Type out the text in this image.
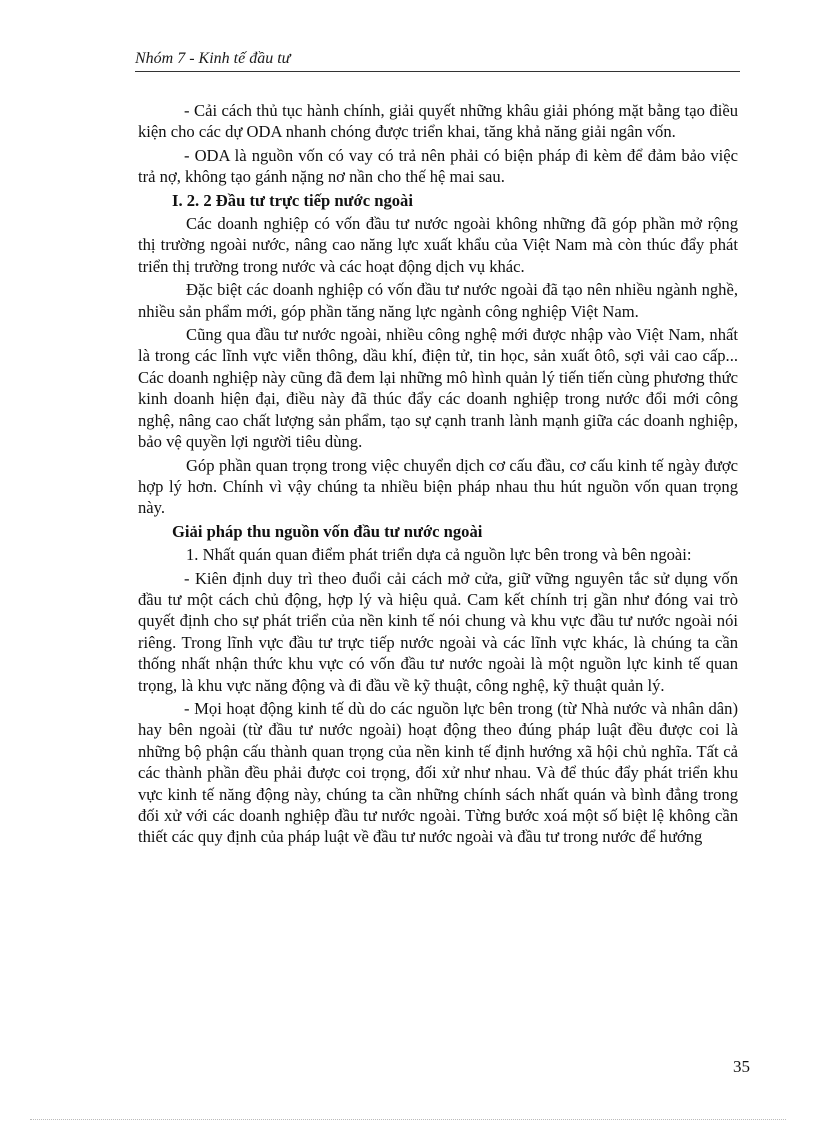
Nhóm 7 - Kinh tế đầu tư

- Cải cách thủ tục hành chính, giải quyết những khâu giải phóng mặt bằng tạo điều kiện cho các dự ODA nhanh chóng được triển khai, tăng khả năng giải ngân vốn.

- ODA là nguồn vốn có vay có trả nên phải có biện pháp đi kèm để đảm bảo việc trả nợ, không tạo gánh nặng nơ nần cho thế hệ mai sau.

I. 2. 2 Đầu tư trực tiếp nước ngoài

Các doanh nghiệp có vốn đầu tư nước ngoài không những đã góp phần mở rộng thị trường ngoài nước, nâng cao năng lực xuất khẩu của Việt Nam mà còn thúc đẩy phát triển thị trường trong nước và các hoạt động dịch vụ khác.

Đặc biệt các doanh nghiệp có vốn đầu tư nước ngoài đã tạo nên nhiều ngành nghề, nhiều sản phẩm mới, góp phần tăng năng lực ngành công nghiệp Việt Nam.

Cũng qua đầu tư nước ngoài, nhiều công nghệ mới được nhập vào Việt Nam, nhất là trong các lĩnh vực viễn thông, dầu khí, điện tử, tin học, sản xuất ôtô, sợi vải cao cấp... Các doanh nghiệp này cũng đã đem lại những mô hình quản lý tiến tiến cùng phương thức kinh doanh hiện đại, điều này đã thúc đẩy các doanh nghiệp trong nước đổi mới công nghệ, nâng cao chất lượng sản phẩm, tạo sự cạnh tranh lành mạnh giữa các doanh nghiệp, bảo vệ quyền lợi người tiêu dùng.

Góp phần quan trọng trong việc chuyển dịch cơ cấu đầu, cơ cấu kinh tế ngày được hợp lý hơn. Chính vì vậy chúng ta nhiều biện pháp nhau thu hút nguồn vốn quan trọng này.

Giải pháp thu nguồn vốn đầu tư nước ngoài

1. Nhất quán quan điểm phát triển dựa cả nguồn lực bên trong và bên ngoài:

- Kiên định duy trì theo đuổi cải cách mở cửa, giữ vững nguyên tắc sử dụng vốn đầu tư một cách chủ động, hợp lý và hiệu quả. Cam kết chính trị gần như đóng vai trò quyết định cho sự phát triển của nền kinh tế nói chung và khu vực đầu tư nước ngoài nói riêng. Trong lĩnh vực đầu tư trực tiếp nước ngoài và các lĩnh vực khác, là chúng ta cần thống nhất nhận thức khu vực có vốn đầu tư nước ngoài là một nguồn lực kinh tế quan trọng, là khu vực năng động và đi đầu về kỹ thuật, công nghệ, kỹ thuật quản lý.

- Mọi hoạt động kinh tế dù do các nguồn lực bên trong (từ Nhà nước và nhân dân) hay bên ngoài (từ đầu tư nước ngoài) hoạt động theo đúng pháp luật đều được coi là những bộ phận cấu thành quan trọng của nền kinh tế định hướng xã hội chủ nghĩa. Tất cả các thành phần đều phải được coi trọng, đối xử như nhau. Và để thúc đẩy phát triển khu vực kinh tế năng động này, chúng ta cần những chính sách nhất quán và bình đẳng trong đối xử với các doanh nghiệp đầu tư nước ngoài. Từng bước xoá một số biệt lệ không cần thiết các quy định của pháp luật về đầu tư nước ngoài và đầu tư trong nước để hướng

35
